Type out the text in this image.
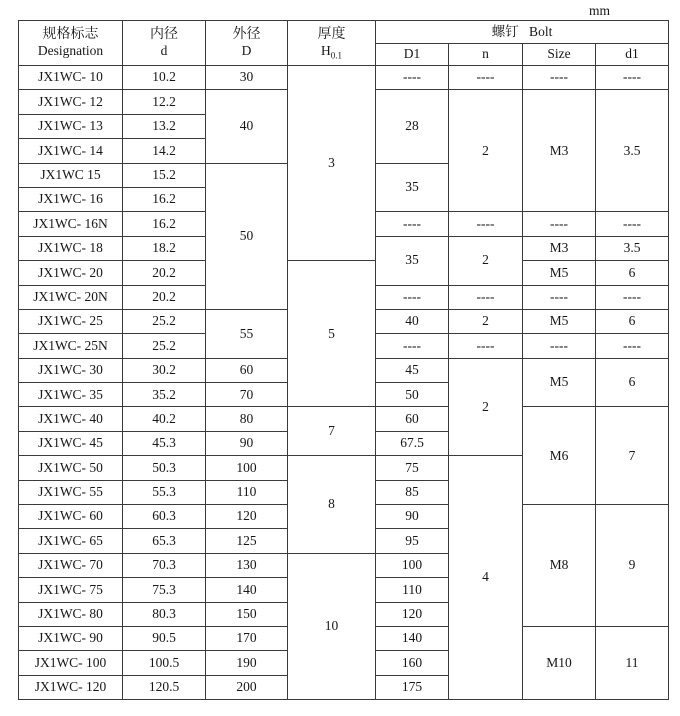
mm
规格标志
Designation

内径
d

外径
D

厚度
$H_{0.1}$
	螺钉 Bolt
				D1	n	Size	d1
JX1WC- 10	10.2	30	3	----	----	----	----
JX1WC- 12	12.2	40		28	2	M3	3.5
JX1WC- 13	13.2						
JX1WC- 14	14.2						
JX1WC 15	15.2	50		35			
JX1WC- 16	16.2						
JX1WC- 16N	16.2			----	----	----	----
JX1WC- 18	18.2			35	2	M3	3.5
JX1WC- 20	20.2		5			M5	6
JX1WC- 20N	20.2			----	----	----	----
JX1WC- 25	25.2	55		40	2	M5	6
JX1WC- 25N	25.2			----	----	----	----
JX1WC- 30	30.2	60		45	2	M5	6
JX1WC- 35	35.2	70		50			
JX1WC- 40	40.2	80	7	60		M6	7
JX1WC- 45	45.3	90		67.5			
JX1WC- 50	50.3	100	8	75	4		
JX1WC- 55	55.3	110		85			
JX1WC- 60	60.3	120		90		M8	9
JX1WC- 65	65.3	125		95			
JX1WC- 70	70.3	130	10	100			
JX1WC- 75	75.3	140		110			
JX1WC- 80	80.3	150		120			
JX1WC- 90	90.5	170		140		M10	11
JX1WC- 100	100.5	190		160			
JX1WC- 120	120.5	200		175			
